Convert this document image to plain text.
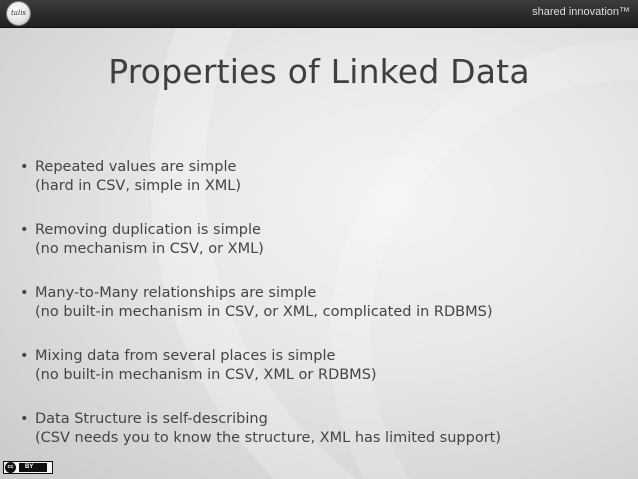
talis	shared innovation™
Properties of Linked Data
• Repeated values are simple
(hard in CSV, simple in XML)
• Removing duplication is simple
(no mechanism in CSV, or XML)
• Many-to-Many relationships are simple
(no built-in mechanism in CSV, or XML, complicated in RDBMS)
• Mixing data from several places is simple
(no built-in mechanism in CSV, XML or RDBMS)
• Data Structure is self-describing
(CSV needs you to know the structure, XML has limited support)
cc	BY
